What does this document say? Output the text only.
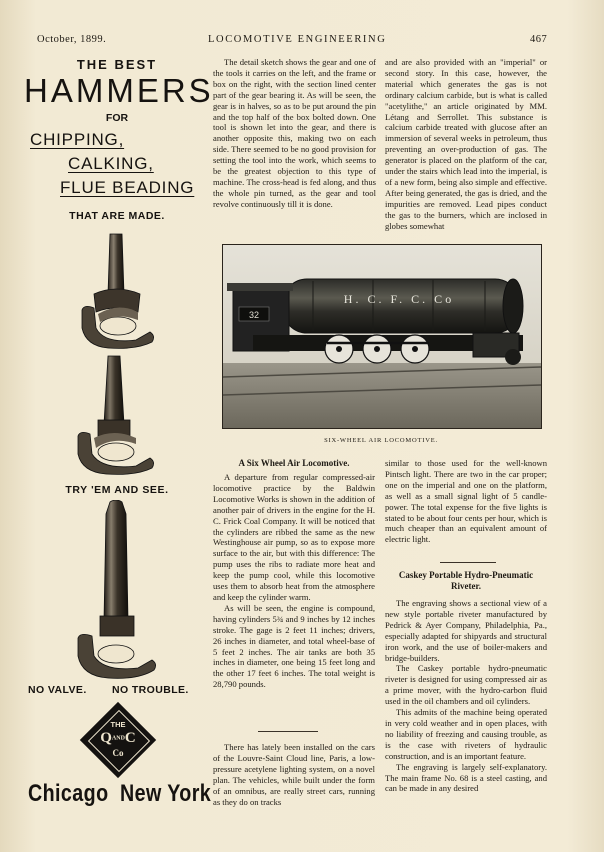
October, 1899.	LOCOMOTIVE ENGINEERING	467
THE BEST
HAMMERS
FOR
CHIPPING,
CALKING,
FLUE BEADING
THAT ARE MADE.
TRY 'EM AND SEE.
NO VALVE. NO TROUBLE.
THE
QANDC
Co
Chicago New York

The detail sketch shows the gear and one of the tools it carries on the left, and the frame or box on the right, with the section lined center part of the gear bearing it. As will be seen, the gear is in halves, so as to be put around the pin and the top half of the box bolted down. One tool is shown let into the gear, and there is another opposite this, making two on each side. There seemed to be no good provision for setting the tool into the work, which seems to be the greatest objection to this type of machine. The cross-head is fed along, and thus the whole pin turned, as the gear and tool revolve continuously till it is done.

and are also provided with an "imperial" or second story. In this case, however, the material which generates the gas is not ordinary calcium carbide, but is what is called "acetylithe," an article originated by MM. Létang and Serrollet. This substance is calcium carbide treated with glucose after an immersion of several weeks in petroleum, thus preventing an over-production of gas. The generator is placed on the platform of the car, under the stairs which lead into the imperial, is of a new form, being also simple and effective. After being generated, the gas is dried, and the impurities are removed. Lead pipes conduct the gas to the burners, which are inclosed in globes somewhat

H. C. F. C. Co
32
SIX-WHEEL AIR LOCOMOTIVE.
A Six Wheel Air Locomotive.

A departure from regular compressed-air locomotive practice by the Baldwin Locomotive Works is shown in the addition of another pair of drivers in the engine for the H. C. Frick Coal Company. It will be noticed that the cylinders are ribbed the same as the new Westinghouse air pump, so as to expose more surface to the air, but with this difference: The pump uses the ribs to radiate more heat and keep the pump cool, while this locomotive uses them to absorb heat from the atmosphere and keep the cylinder warm.

As will be seen, the engine is compound, having cylinders 5¾ and 9 inches by 12 inches stroke. The gage is 2 feet 11 inches; drivers, 26 inches in diameter, and total wheel-base of 5 feet 2 inches. The air tanks are both 35 inches in diameter, one being 15 feet long and the other 17 feet 6 inches. The total weight is 28,790 pounds.

There has lately been installed on the cars of the Louvre-Saint Cloud line, Paris, a low-pressure acetylene lighting system, on a novel plan. The vehicles, while built under the form of an omnibus, are really street cars, running as they do on tracks

similar to those used for the well-known Pintsch light. There are two in the car proper; one on the imperial and one on the platform, as well as a small signal light of 5 candle-power. The total expense for the five lights is stated to be about four cents per hour, which is much cheaper than an equivalent amount of electric light.

Caskey Portable Hydro-Pneumatic Riveter.

The engraving shows a sectional view of a new style portable riveter manufactured by Pedrick & Ayer Company, Philadelphia, Pa., especially adapted for shipyards and structural iron work, and the use of boiler-makers and bridge-builders.

The Caskey portable hydro-pneumatic riveter is designed for using compressed air as a prime mover, with the hydro-carbon fluid used in the oil chambers and oil cylinders.

This admits of the machine being operated in very cold weather and in open places, with no liability of freezing and causing trouble, as is the case with riveters of hydraulic construction, and is an important feature.

The engraving is largely self-explanatory. The main frame No. 68 is a steel casting, and can be made in any desired
